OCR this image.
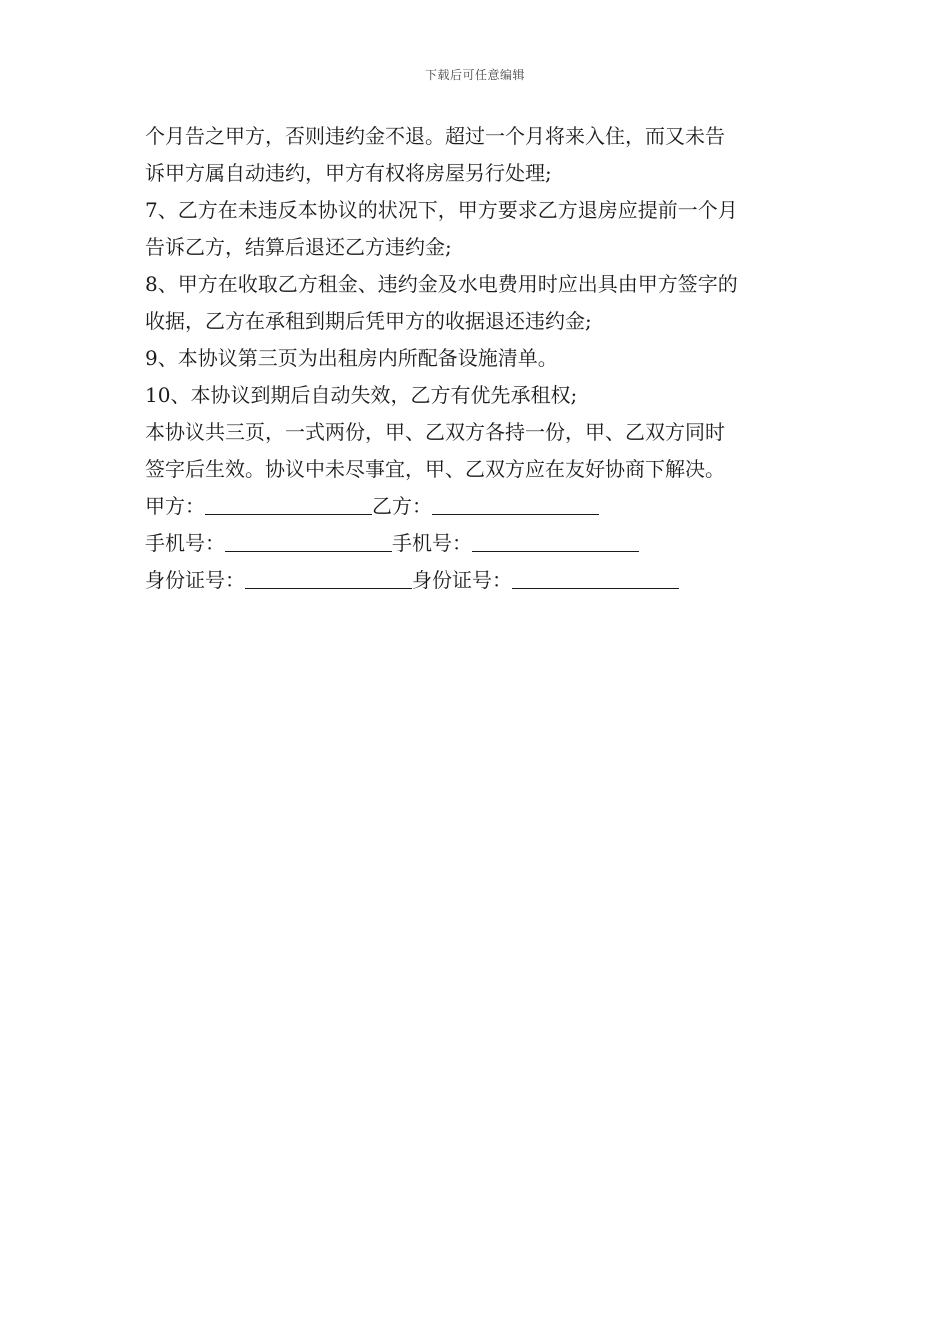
下载后可任意编辑
个月告之甲方，否则违约金不退。超过一个月将来入住，而又未告
诉甲方属自动违约，甲方有权将房屋另行处理;
7、乙方在未违反本协议的状况下，甲方要求乙方退房应提前一个月
告诉乙方，结算后退还乙方违约金;
8、甲方在收取乙方租金、违约金及水电费用时应出具由甲方签字的
收据，乙方在承租到期后凭甲方的收据退还违约金;
9、本协议第三页为出租房内所配备设施清单。
10、本协议到期后自动失效，乙方有优先承租权;
本协议共三页，一式两份，甲、乙双方各持一份，甲、乙双方同时
签字后生效。协议中未尽事宜，甲、乙双方应在友好协商下解决。
甲方：	乙方：
手机号：	手机号：
身份证号：	身份证号：
